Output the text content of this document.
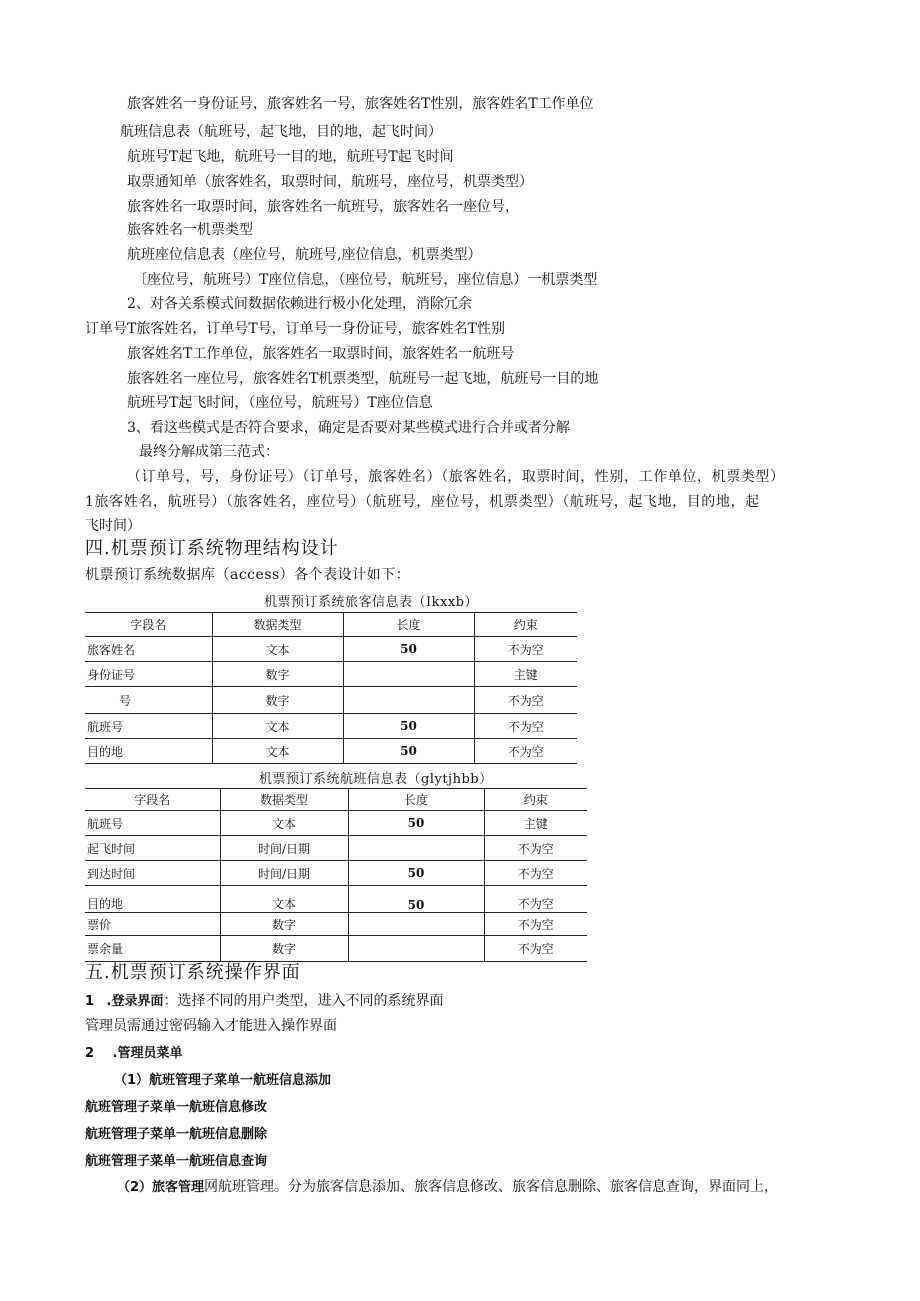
旅客姓名一身份证号，旅客姓名一号，旅客姓名T性别，旅客姓名T工作单位
航班信息表（航班号，起飞地，目的地，起飞时间）
航班号T起飞地，航班号一目的地，航班号T起飞时间
取票通知单（旅客姓名，取票时间，航班号，座位号，机票类型）
旅客姓名一取票时间，旅客姓名一航班号，旅客姓名一座位号，
旅客姓名一机票类型
航班座位信息表（座位号，航班号,座位信息，机票类型）
〔座位号，航班号）T座位信息，（座位号，航班号，座位信息）一机票类型
2、对各关系模式间数据依赖进行极小化处理，消除冗余
订单号T旅客姓名，订单号T号，订单号一身份证号，旅客姓名T性别
旅客姓名T工作单位，旅客姓名一取票时间，旅客姓名一航班号
旅客姓名一座位号，旅客姓名T机票类型，航班号一起飞地，航班号一目的地
航班号T起飞时间，（座位号，航班号）T座位信息
3、看这些模式是否符合要求，确定是否要对某些模式进行合并或者分解
最终分解成第三范式：
（订单号，号，身份证号）（订单号，旅客姓名）（旅客姓名，取票时间，性别，工作单位，机票类型）
1旅客姓名，航班号）（旅客姓名，座位号）（航班号，座位号，机票类型）（航班号，起飞地，目的地，起
飞时间）
四.机票预订系统物理结构设计
机票预订系统数据库（access）各个表设计如下：
机票预订系统旅客信息表（Ikxxb）
字段名	数据类型	长度	约束
旅客姓名	文本	50	不为空
身份证号	数字		主键
号	数字		不为空
航班号	文本	50	不为空
目的地	文本	50	不为空
机票预订系统航班信息表（glytjhbb）
字段名	数据类型	长度	约束
航班号	文本	50	主键
起飞时间	时间/日期		不为空
到达时间	时间/日期	50	不为空
目的地	文本	50	不为空
票价	数字		不为空
票余量	数字		不为空
五.机票预订系统操作界面
1 .登录界面：选择不同的用户类型，进入不同的系统界面
管理员需通过密码输入才能进入操作界面
2 .管理员菜单
（1）航班管理子菜单一航班信息添加
航班管理子菜单一航班信息修改
航班管理子菜单一航班信息删除
航班管理子菜单一航班信息查询
（2）旅客管理网航班管理。分为旅客信息添加、旅客信息修改、旅客信息删除、旅客信息查询，界面同上，
